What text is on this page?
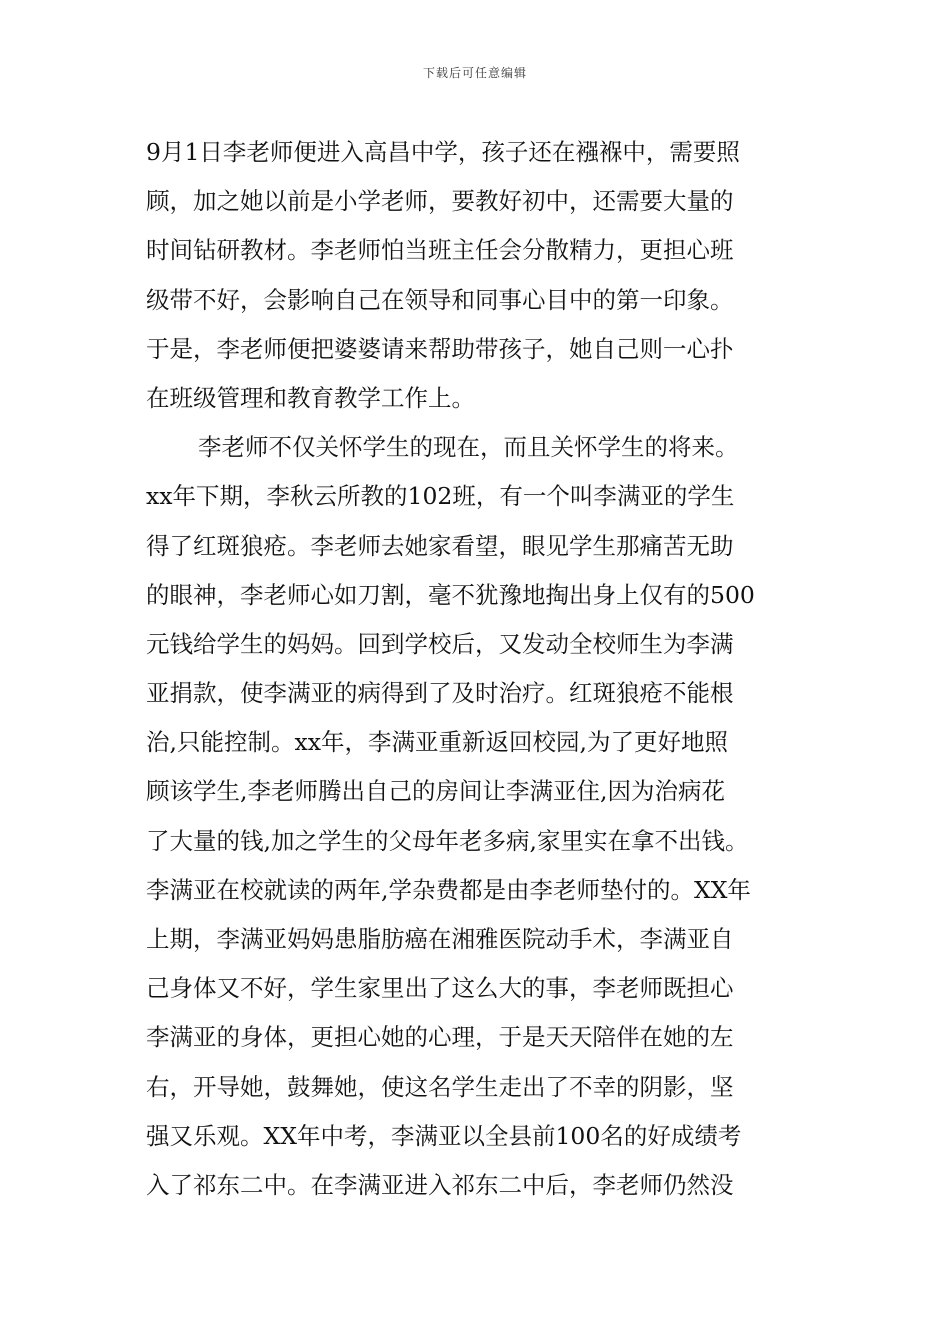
下载后可任意编辑
9月1日李老师便进入高昌中学，孩子还在襁褓中，需要照
顾，加之她以前是小学老师，要教好初中，还需要大量的
时间钻研教材。李老师怕当班主任会分散精力，更担心班
级带不好，会影响自己在领导和同事心目中的第一印象。
于是，李老师便把婆婆请来帮助带孩子，她自己则一心扑
在班级管理和教育教学工作上。
李老师不仅关怀学生的现在，而且关怀学生的将来。
xx年下期，李秋云所教的102班，有一个叫李满亚的学生
得了红斑狼疮。李老师去她家看望，眼见学生那痛苦无助
的眼神，李老师心如刀割，毫不犹豫地掏出身上仅有的500
元钱给学生的妈妈。回到学校后，又发动全校师生为李满
亚捐款，使李满亚的病得到了及时治疗。红斑狼疮不能根
治,只能控制。xx年，李满亚重新返回校园,为了更好地照
顾该学生,李老师腾出自己的房间让李满亚住,因为治病花
了大量的钱,加之学生的父母年老多病,家里实在拿不出钱。
李满亚在校就读的两年,学杂费都是由李老师垫付的。XX年
上期，李满亚妈妈患脂肪癌在湘雅医院动手术，李满亚自
己身体又不好，学生家里出了这么大的事，李老师既担心
李满亚的身体，更担心她的心理，于是天天陪伴在她的左
右，开导她，鼓舞她，使这名学生走出了不幸的阴影，坚
强又乐观。XX年中考，李满亚以全县前100名的好成绩考
入了祁东二中。在李满亚进入祁东二中后，李老师仍然没
